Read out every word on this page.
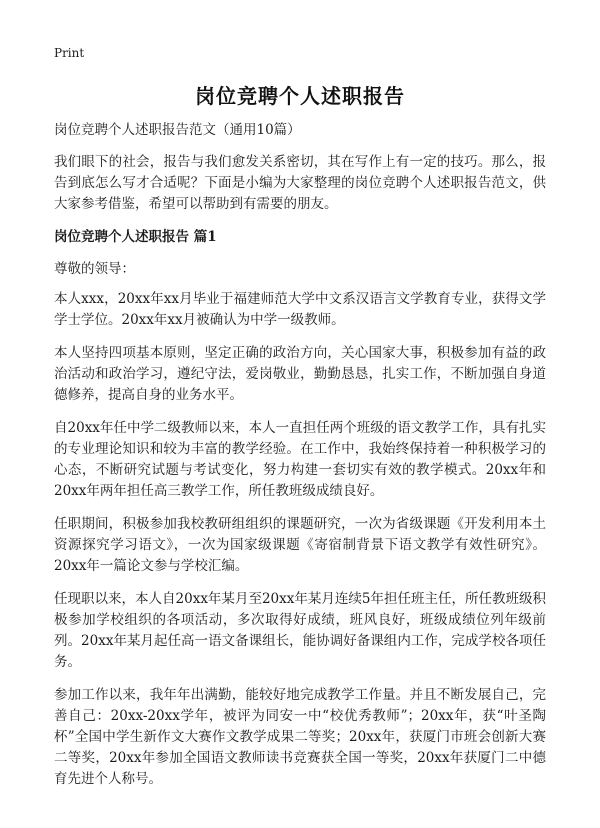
Print
岗位竞聘个人述职报告

岗位竞聘个人述职报告范文（通用10篇）

我们眼下的社会，报告与我们愈发关系密切，其在写作上有一定的技巧。那么，报告到底怎么写才合适呢？下面是小编为大家整理的岗位竞聘个人述职报告范文，供大家参考借鉴，希望可以帮助到有需要的朋友。

岗位竞聘个人述职报告 篇1

尊敬的领导：

本人xxx，20xx年xx月毕业于福建师范大学中文系汉语言文学教育专业，获得文学学士学位。20xx年xx月被确认为中学一级教师。

本人坚持四项基本原则，坚定正确的政治方向，关心国家大事，积极参加有益的政治活动和政治学习，遵纪守法，爱岗敬业，勤勤恳恳，扎实工作，不断加强自身道德修养，提高自身的业务水平。

自20xx年任中学二级教师以来，本人一直担任两个班级的语文教学工作，具有扎实的专业理论知识和较为丰富的教学经验。在工作中，我始终保持着一种积极学习的心态，不断研究试题与考试变化，努力构建一套切实有效的教学模式。20xx年和20xx年两年担任高三教学工作，所任教班级成绩良好。

任职期间，积极参加我校教研组组织的课题研究，一次为省级课题《开发利用本土资源探究学习语文》，一次为国家级课题《寄宿制背景下语文教学有效性研究》。20xx年一篇论文参与学校汇编。

任现职以来，本人自20xx年某月至20xx年某月连续5年担任班主任，所任教班级积极参加学校组织的各项活动，多次取得好成绩，班风良好，班级成绩位列年级前列。20xx年某月起任高一语文备课组长，能协调好备课组内工作，完成学校各项任务。

参加工作以来，我年年出满勤，能较好地完成教学工作量。并且不断发展自己，完善自己：20xx-20xx学年，被评为同安一中“校优秀教师”；20xx年，获“叶圣陶杯”全国中学生新作文大赛作文教学成果二等奖；20xx年，获厦门市班会创新大赛二等奖，20xx年参加全国语文教师读书竞赛获全国一等奖，20xx年获厦门二中德育先进个人称号。
